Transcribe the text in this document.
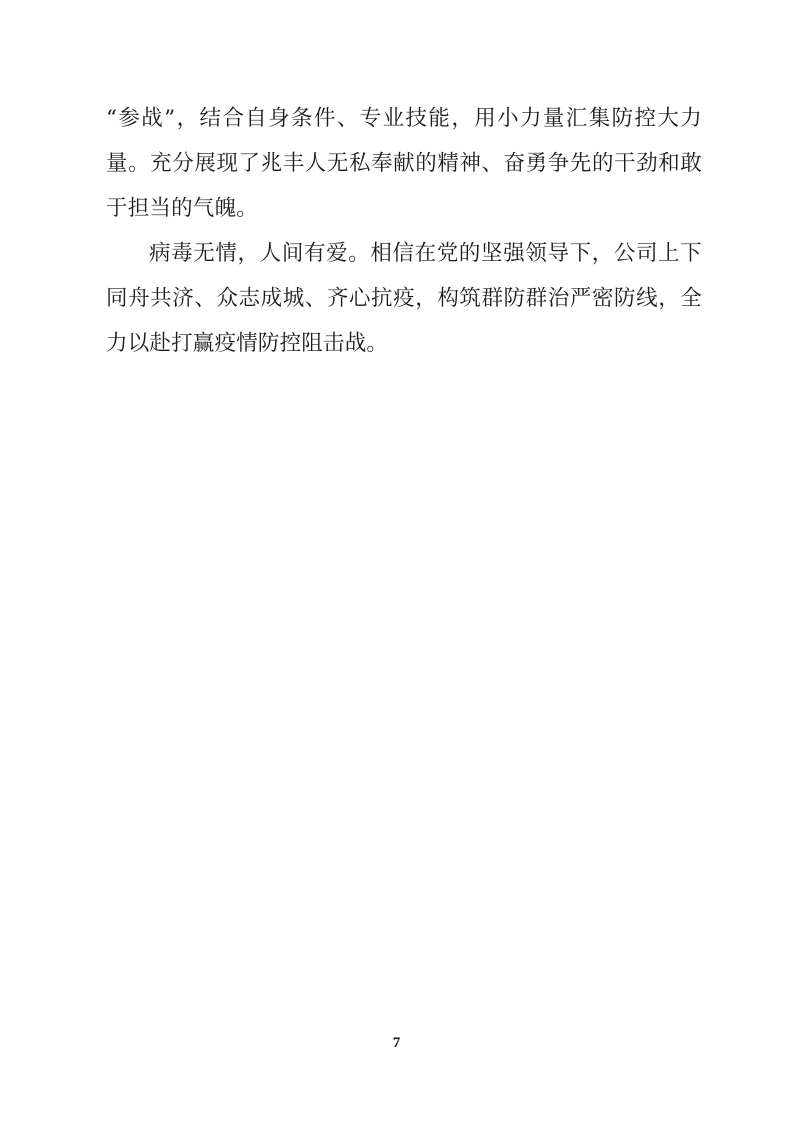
“参战”，结合自身条件、专业技能，用小力量汇集防控大力量。充分展现了兆丰人无私奉献的精神、奋勇争先的干劲和敢于担当的气魄。

病毒无情，人间有爱。相信在党的坚强领导下，公司上下同舟共济、众志成城、齐心抗疫，构筑群防群治严密防线，全力以赴打赢疫情防控阻击战。

7
